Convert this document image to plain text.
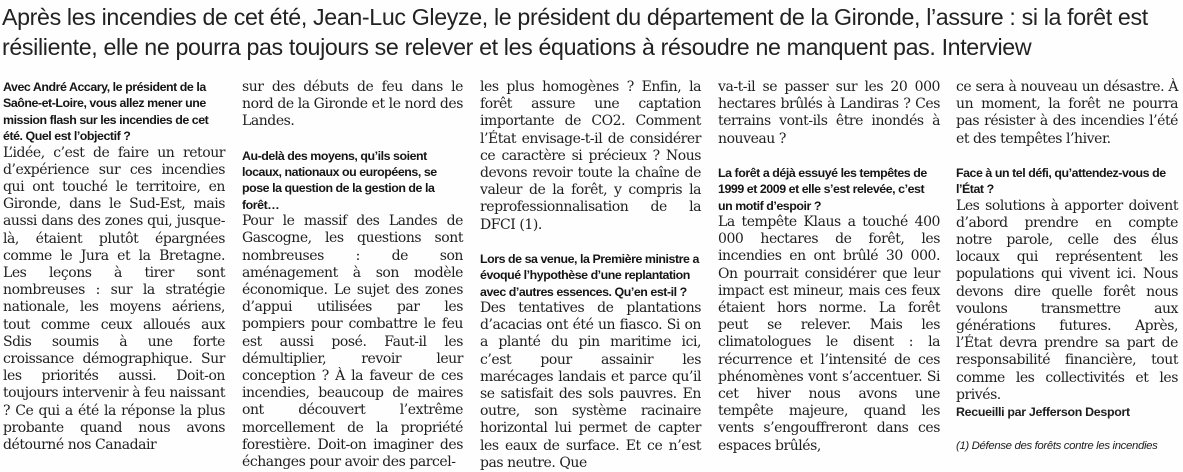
Après les incendies de cet été, Jean-Luc Gleyze, le président du département de la Gironde, l’assure : si la forêt est résiliente, elle ne pourra pas toujours se relever et les équations à résoudre ne manquent pas. Interview

Avec André Accary, le président de la Saône-et-Loire, vous allez mener une mission flash sur les incendies de cet été. Quel est l’objectif ?

L’idée, c’est de faire un retour d’expérience sur ces incendies qui ont touché le territoire, en Gironde, dans le Sud-Est, mais aussi dans des zones qui, jusque-là, étaient plutôt épargnées comme le Jura et la Bretagne. Les leçons à tirer sont nombreuses : sur la stratégie nationale, les moyens aériens, tout comme ceux alloués aux Sdis soumis à une forte croissance démographique. Sur les priorités aussi. Doit-on toujours intervenir à feu naissant ? Ce qui a été la réponse la plus probante quand nous avons détourné nos Canadair

sur des débuts de feu dans le nord de la Gironde et le nord des Landes.

Au-delà des moyens, qu’ils soient locaux, nationaux ou européens, se pose la question de la gestion de la forêt…

Pour le massif des Landes de Gascogne, les questions sont nombreuses : de son aménagement à son modèle économique. Le sujet des zones d’appui utilisées par les pompiers pour combattre le feu est aussi posé. Faut-il les démultiplier, revoir leur conception ? À la faveur de ces incendies, beaucoup de maires ont découvert l’extrême morcellement de la propriété forestière. Doit-on imaginer des échanges pour avoir des parcel-

les plus homogènes ? Enfin, la forêt assure une captation importante de CO2. Comment l’État envisage-t-il de considérer ce caractère si précieux ? Nous devons revoir toute la chaîne de valeur de la forêt, y compris la reprofessionnalisation de la DFCI (1).

Lors de sa venue, la Première ministre a évoqué l’hypothèse d’une replantation avec d’autres essences. Qu’en est-il ?

Des tentatives de plantations d’acacias ont été un fiasco. Si on a planté du pin maritime ici, c’est pour assainir les marécages landais et parce qu’il se satisfait des sols pauvres. En outre, son système racinaire horizontal lui permet de capter les eaux de surface. Et ce n’est pas neutre. Que

va-t-il se passer sur les 20 000 hectares brûlés à Landiras ? Ces terrains vont-ils être inondés à nouveau ?

La forêt a déjà essuyé les tempêtes de 1999 et 2009 et elle s’est relevée, c’est un motif d’espoir ?

La tempête Klaus a touché 400 000 hectares de forêt, les incendies en ont brûlé 30 000. On pourrait considérer que leur impact est mineur, mais ces feux étaient hors norme. La forêt peut se relever. Mais les climatologues le disent : la récurrence et l’intensité de ces phénomènes vont s’accentuer. Si cet hiver nous avons une tempête majeure, quand les vents s’engouffreront dans ces espaces brûlés,

ce sera à nouveau un désastre. À un moment, la forêt ne pourra pas résister à des incendies l’été et des tempêtes l’hiver.

Face à un tel défi, qu’attendez-vous de l’État ?

Les solutions à apporter doivent d’abord prendre en compte notre parole, celle des élus locaux qui représentent les populations qui vivent ici. Nous devons dire quelle forêt nous voulons transmettre aux générations futures. Après, l’État devra prendre sa part de responsabilité financière, tout comme les collectivités et les privés.

Recueilli par Jefferson Desport

(1) Défense des forêts contre les incendies
